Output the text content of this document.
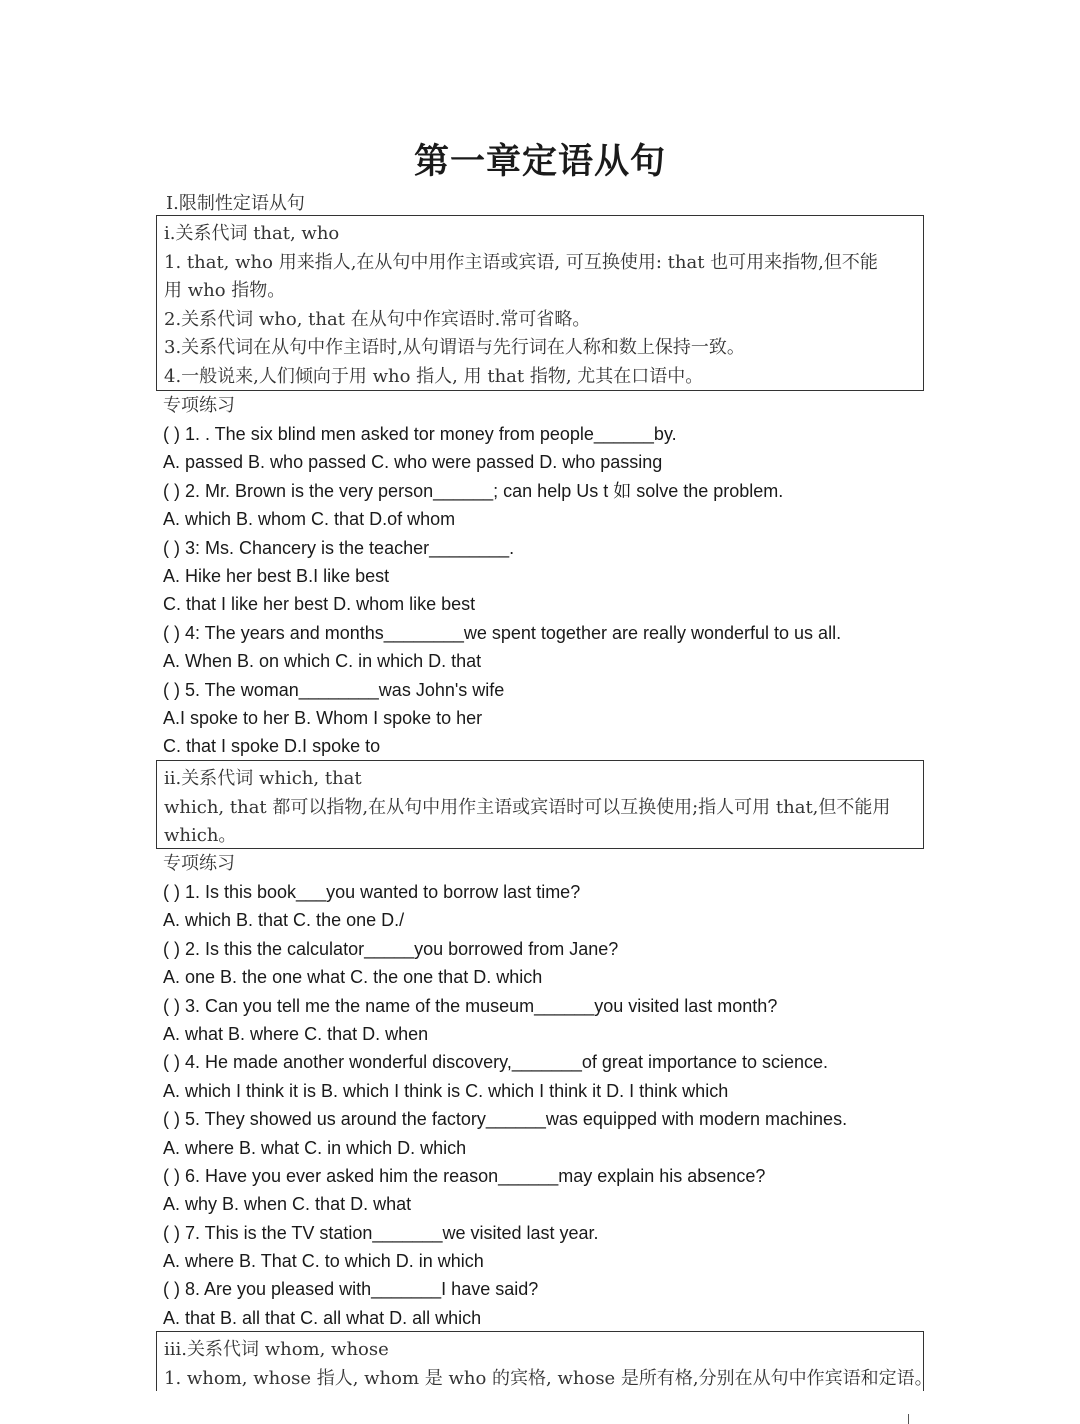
第一章定语从句
Ⅰ.限制性定语从句
i.关系代词 that, who
1. that, who 用来指人,在从句中用作主语或宾语, 可互换使用: that 也可用来指物,但不能
用 who 指物。
2.关系代词 who, that 在从句中作宾语时.常可省略。
3.关系代词在从句中作主语时,从句谓语与先行词在人称和数上保持一致。
4.一般说来,人们倾向于用 who 指人, 用 that 指物, 尤其在口语中。
专项练习
( ) 1. . The six blind men asked tor money from people______by.
A. passed B. who passed C. who were passed D. who passing
( ) 2. Mr. Brown is the very person______; can help Us t 如 solve the problem.
A. which B. whom C. that D.of whom
( ) 3: Ms. Chancery is the teacher________.
A. Hike her best B.I like best
C. that I like her best D. whom like best
( ) 4: The years and months________we spent together are really wonderful to us all.
A. When B. on which C. in which D. that
( ) 5. The woman________was John's wife
A.I spoke to her B. Whom I spoke to her
C. that I spoke D.I spoke to
ii.关系代词 which, that
which, that 都可以指物,在从句中用作主语或宾语时可以互换使用;指人可用 that,但不能用
which。
专项练习
( ) 1. Is this book___you wanted to borrow last time?
A. which B. that C. the one D./
( ) 2. Is this the calculator_____you borrowed from Jane?
A. one B. the one what C. the one that D. which
( ) 3. Can you tell me the name of the museum______you visited last month?
A. what B. where C. that D. when
( ) 4. He made another wonderful discovery,_______of great importance to science.
A. which I think it is B. which I think is C. which I think it D. I think which
( ) 5. They showed us around the factory______was equipped with modern machines.
A. where B. what C. in which D. which
( ) 6. Have you ever asked him the reason______may explain his absence?
A. why B. when C. that D. what
( ) 7. This is the TV station_______we visited last year.
A. where B. That C. to which D. in which
( ) 8. Are you pleased with_______I have said?
A. that B. all that C. all what D. all which
iii.关系代词 whom, whose
1. whom, whose 指人, whom 是 who 的宾格, whose 是所有格,分别在从句中作宾语和定语。
